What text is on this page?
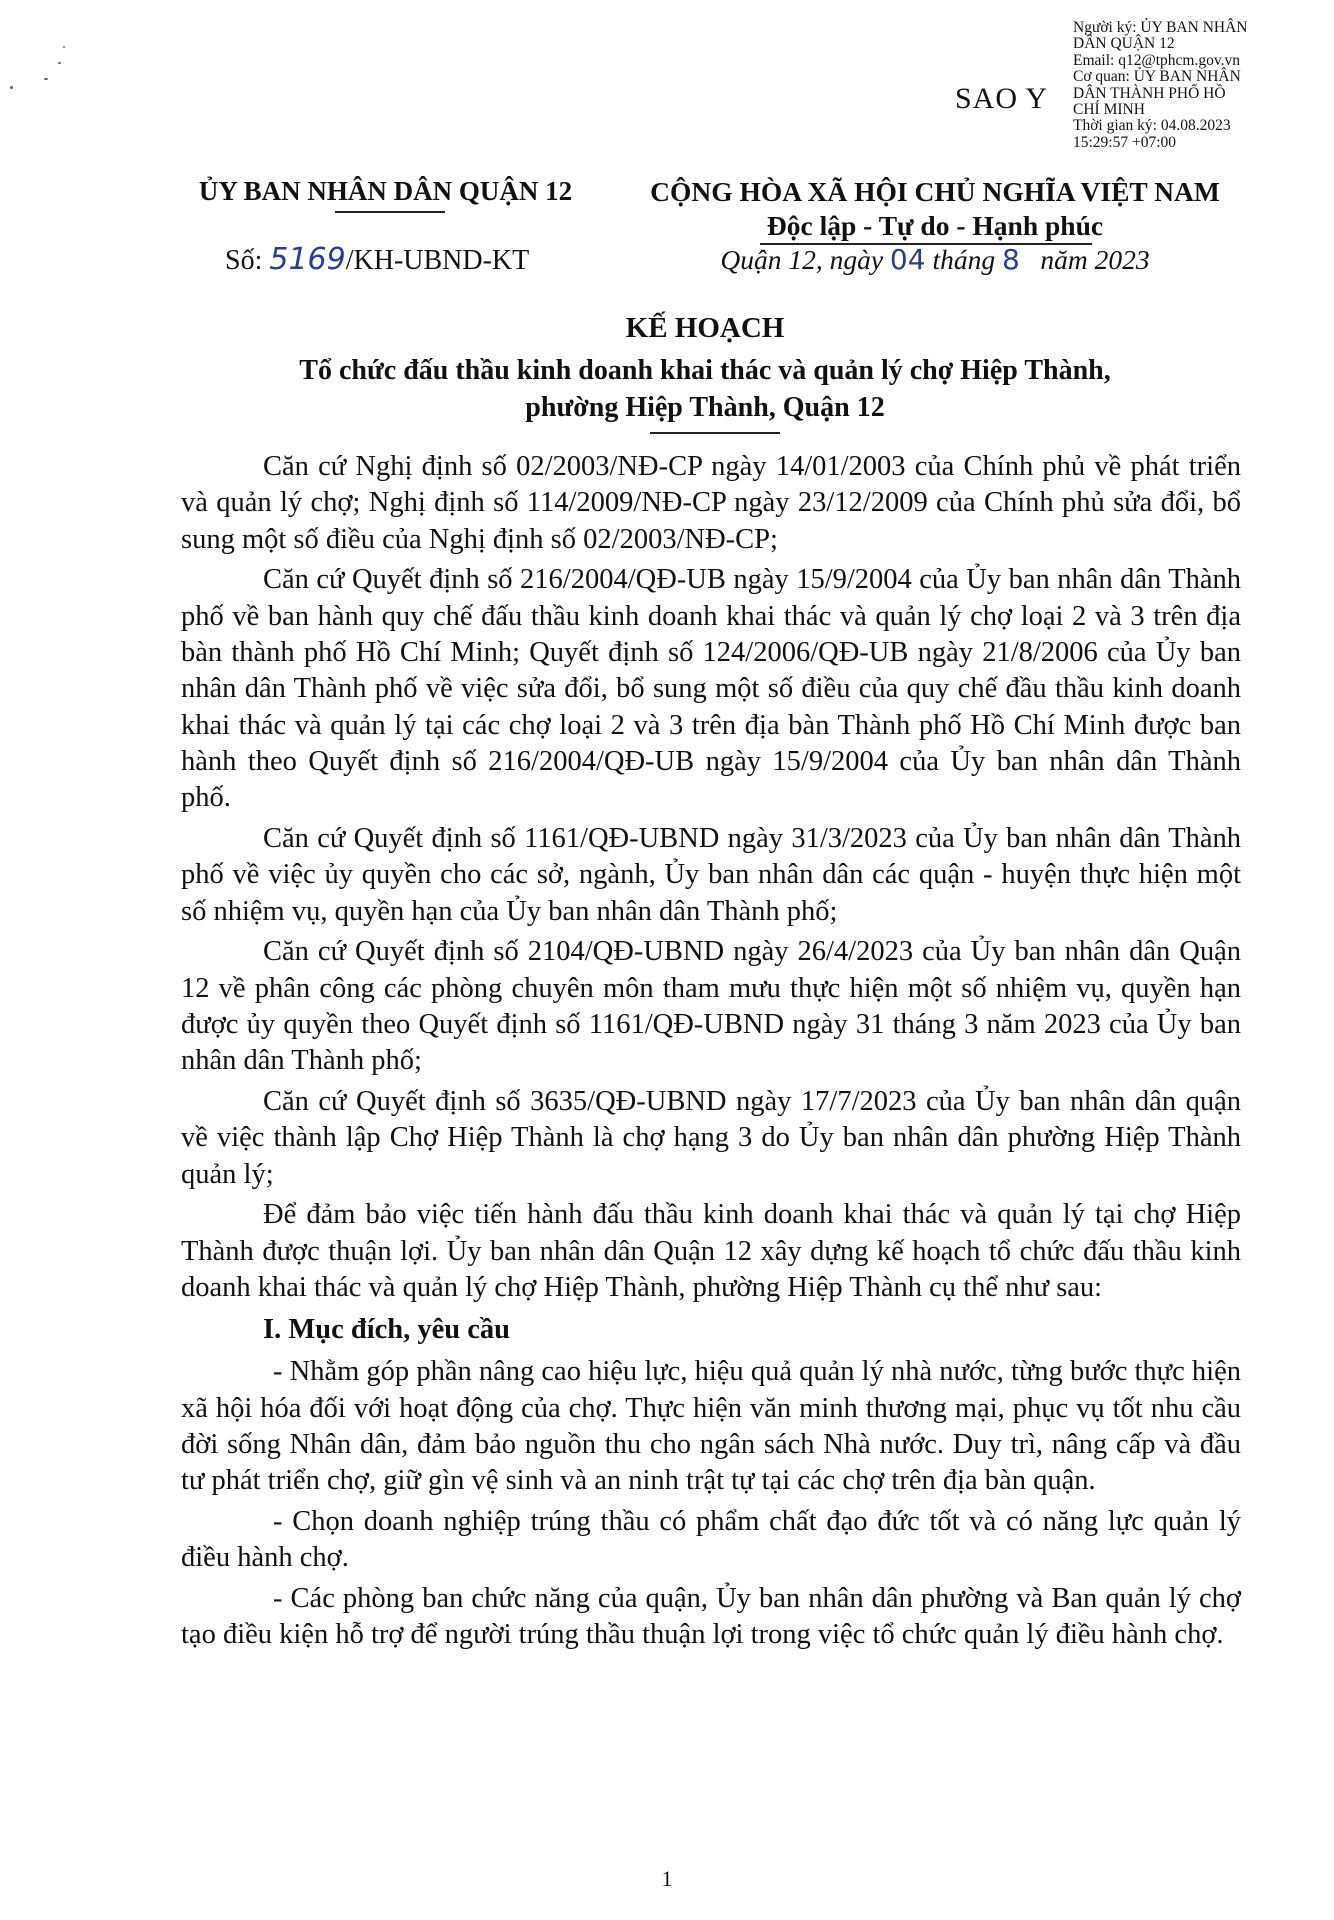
SAO Y
Người ký: ỦY BAN NHÂN
DÂN QUẬN 12
Email: q12@tphcm.gov.vn
Cơ quan: ỦY BAN NHÂN
DÂN THÀNH PHỐ HỒ
CHÍ MINH
Thời gian ký: 04.08.2023
15:29:57 +07:00
ỦY BAN NHÂN DÂN QUẬN 12
Số: 5169/KH-UBND-KT
CỘNG HÒA XÃ HỘI CHỦ NGHĨA VIỆT NAM
Độc lập - Tự do - Hạnh phúc
Quận 12, ngày 04 tháng 8   năm 2023
KẾ HOẠCH
Tổ chức đấu thầu kinh doanh khai thác và quản lý chợ Hiệp Thành,
phường Hiệp Thành, Quận 12

Căn cứ Nghị định số 02/2003/NĐ-CP ngày 14/01/2003 của Chính phủ về phát triển và quản lý chợ; Nghị định số 114/2009/NĐ-CP ngày 23/12/2009 của Chính phủ sửa đổi, bổ sung một số điều của Nghị định số 02/2003/NĐ-CP;

Căn cứ Quyết định số 216/2004/QĐ-UB ngày 15/9/2004 của Ủy ban nhân dân Thành phố về ban hành quy chế đấu thầu kinh doanh khai thác và quản lý chợ loại 2 và 3 trên địa bàn thành phố Hồ Chí Minh; Quyết định số 124/2006/QĐ-UB ngày 21/8/2006 của Ủy ban nhân dân Thành phố về việc sửa đổi, bổ sung một số điều của quy chế đầu thầu kinh doanh khai thác và quản lý tại các chợ loại 2 và 3 trên địa bàn Thành phố Hồ Chí Minh được ban hành theo Quyết định số 216/2004/QĐ-UB ngày 15/9/2004 của Ủy ban nhân dân Thành phố.

Căn cứ Quyết định số 1161/QĐ-UBND ngày 31/3/2023 của Ủy ban nhân dân Thành phố về việc ủy quyền cho các sở, ngành, Ủy ban nhân dân các quận - huyện thực hiện một số nhiệm vụ, quyền hạn của Ủy ban nhân dân Thành phố;

Căn cứ Quyết định số 2104/QĐ-UBND ngày 26/4/2023 của Ủy ban nhân dân Quận 12 về phân công các phòng chuyên môn tham mưu thực hiện một số nhiệm vụ, quyền hạn được ủy quyền theo Quyết định số 1161/QĐ-UBND ngày 31 tháng 3 năm 2023 của Ủy ban nhân dân Thành phố;

Căn cứ Quyết định số 3635/QĐ-UBND ngày 17/7/2023 của Ủy ban nhân dân quận về việc thành lập Chợ Hiệp Thành là chợ hạng 3 do Ủy ban nhân dân phường Hiệp Thành quản lý;

Để đảm bảo việc tiến hành đấu thầu kinh doanh khai thác và quản lý tại chợ Hiệp Thành được thuận lợi. Ủy ban nhân dân Quận 12 xây dựng kế hoạch tổ chức đấu thầu kinh doanh khai thác và quản lý chợ Hiệp Thành, phường Hiệp Thành cụ thể như sau:

I. Mục đích, yêu cầu

- Nhằm góp phần nâng cao hiệu lực, hiệu quả quản lý nhà nước, từng bước thực hiện xã hội hóa đối với hoạt động của chợ. Thực hiện văn minh thương mại, phục vụ tốt nhu cầu đời sống Nhân dân, đảm bảo nguồn thu cho ngân sách Nhà nước. Duy trì, nâng cấp và đầu tư phát triển chợ, giữ gìn vệ sinh và an ninh trật tự tại các chợ trên địa bàn quận.

- Chọn doanh nghiệp trúng thầu có phẩm chất đạo đức tốt và có năng lực quản lý điều hành chợ.

- Các phòng ban chức năng của quận, Ủy ban nhân dân phường và Ban quản lý chợ tạo điều kiện hỗ trợ để người trúng thầu thuận lợi trong việc tổ chức quản lý điều hành chợ.

1
